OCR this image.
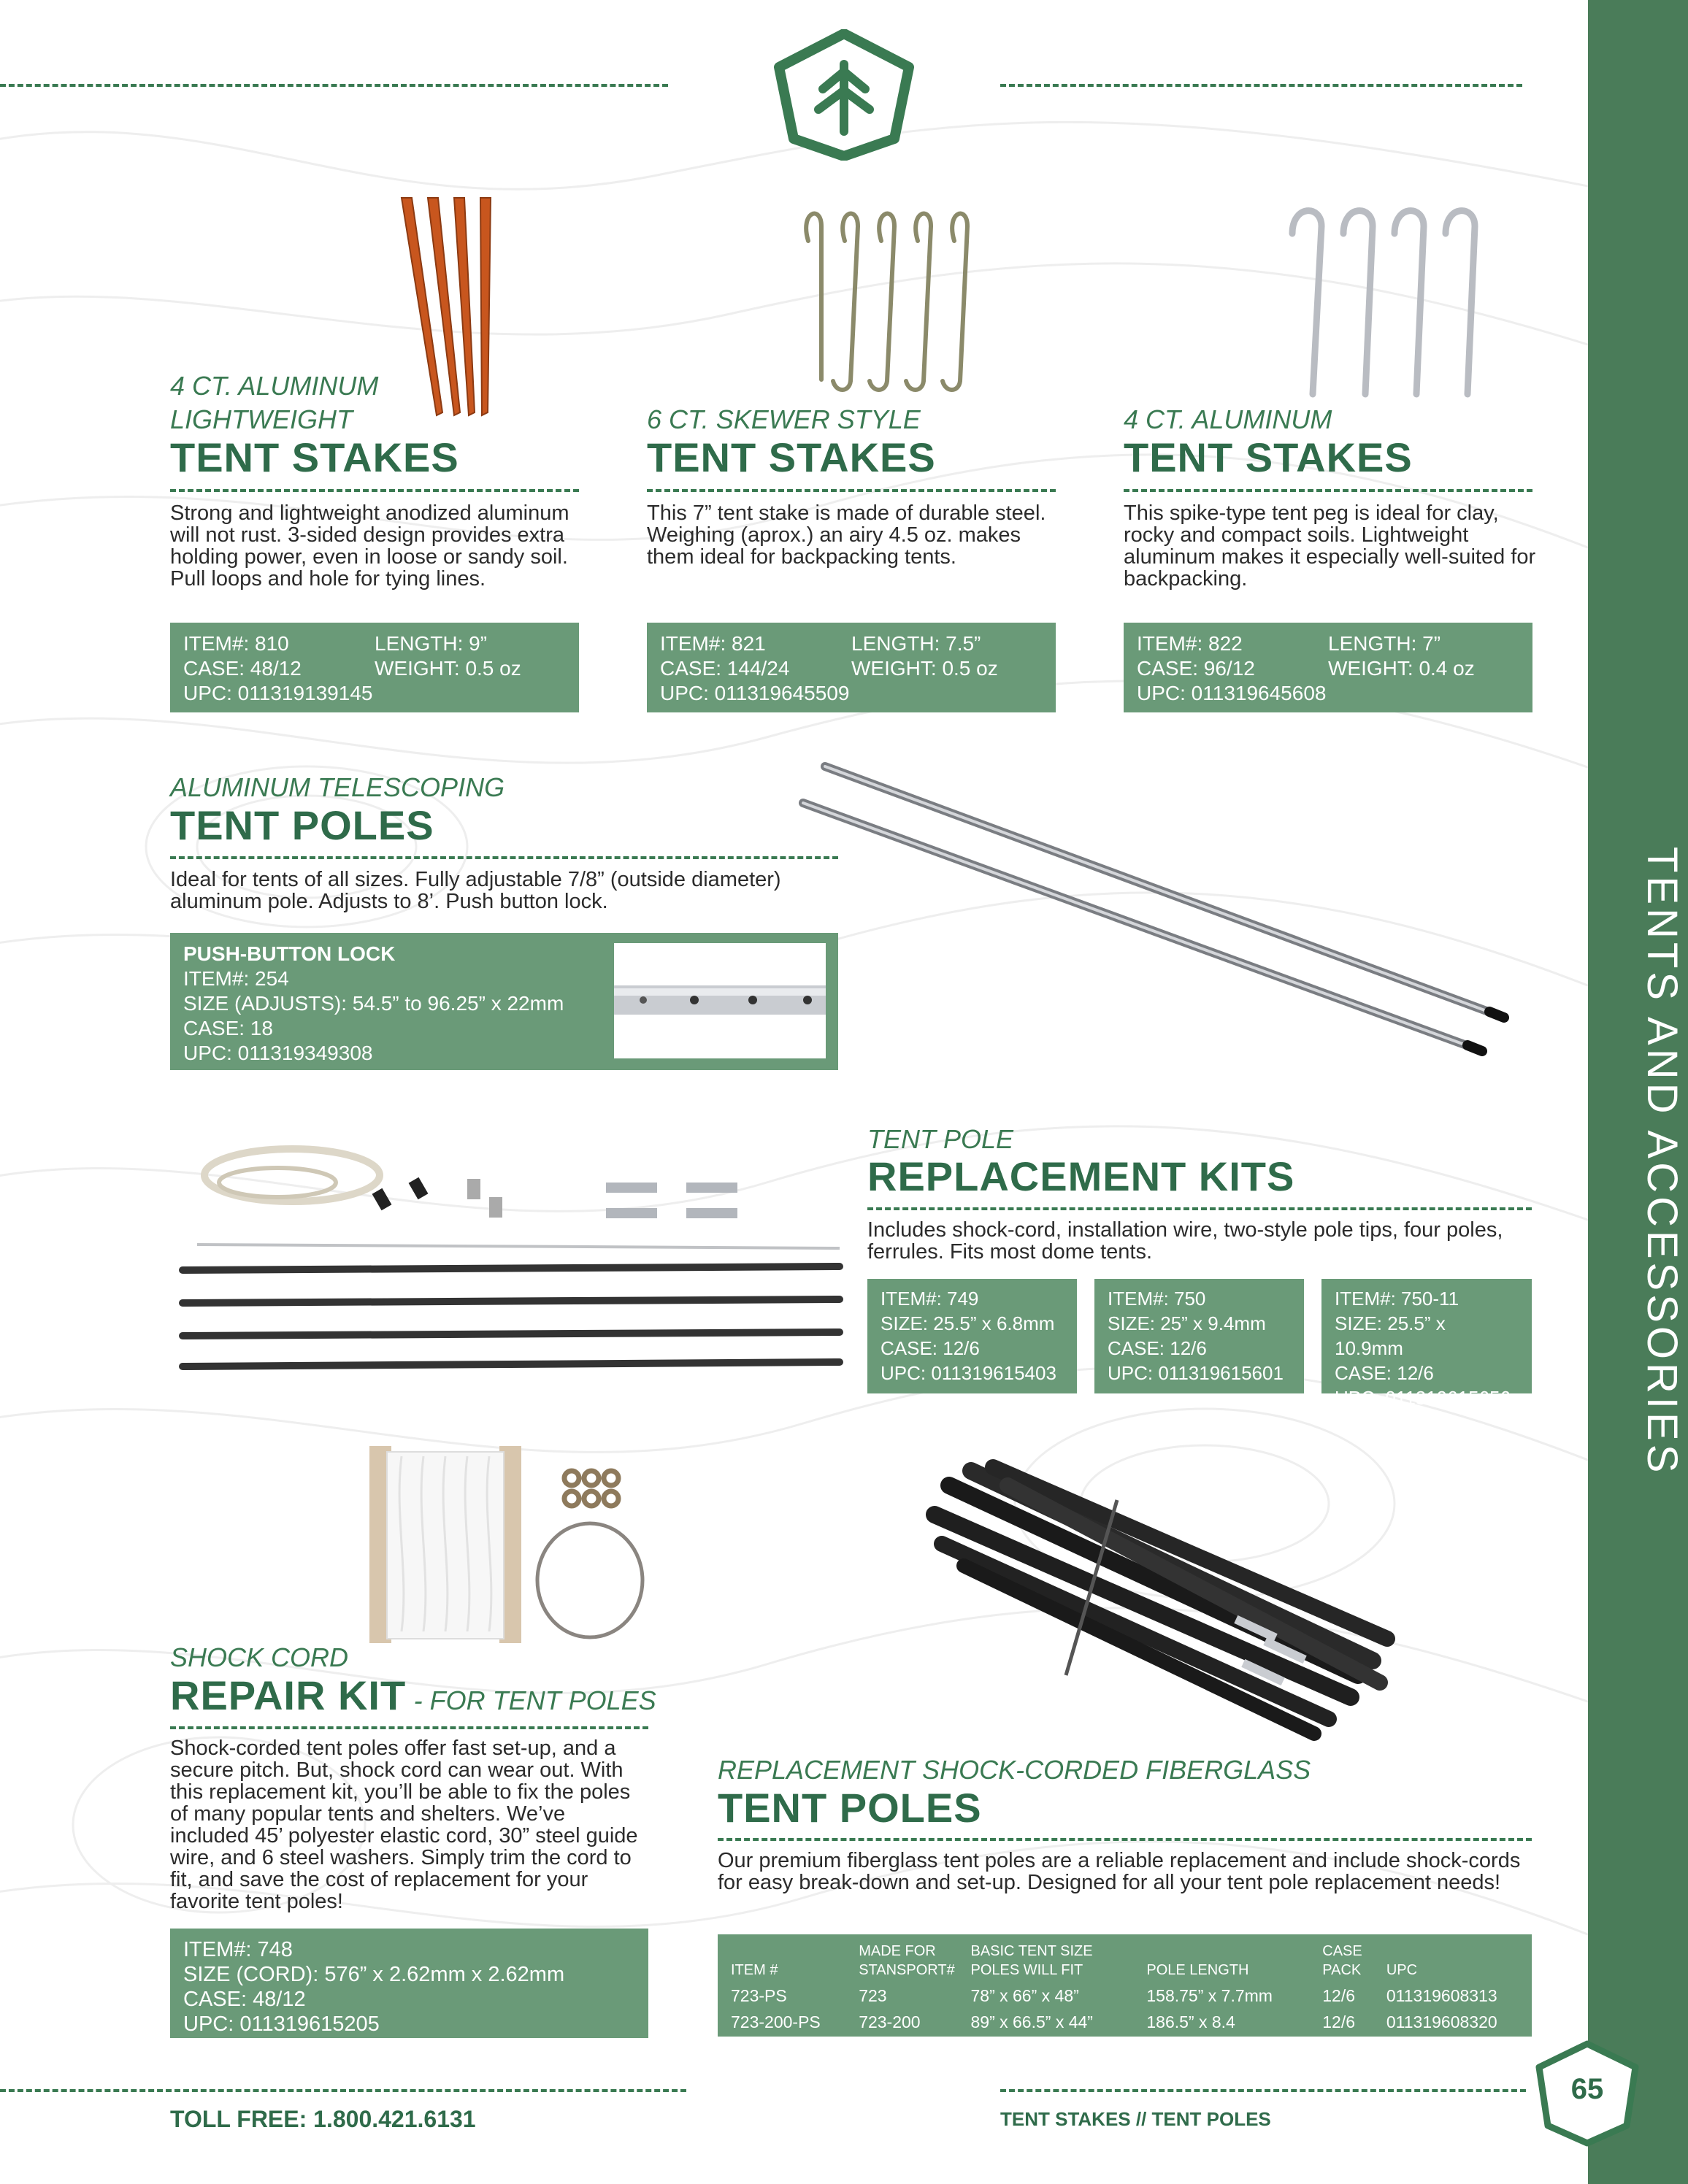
TENTS AND ACCESSORIES
4 CT. ALUMINUM
LIGHTWEIGHT
TENT STAKES
Strong and lightweight anodized aluminum will not rust. 3-sided design provides extra holding power, even in loose or sandy soil. Pull loops and hole for tying lines.
ITEM#: 810
CASE: 48/12
UPC: 011319139145
LENGTH: 9”
WEIGHT: 0.5 oz
6 CT. SKEWER STYLE
TENT STAKES
This 7” tent stake is made of durable steel. Weighing (aprox.) an airy 4.5 oz. makes them ideal for backpacking tents.
ITEM#: 821
CASE: 144/24
UPC: 011319645509
LENGTH: 7.5”
WEIGHT: 0.5 oz
4 CT. ALUMINUM
TENT STAKES
This spike-type tent peg is ideal for clay, rocky and compact soils. Lightweight aluminum makes it especially well-suited for backpacking.
ITEM#: 822
CASE: 96/12
UPC: 011319645608
LENGTH: 7”
WEIGHT: 0.4 oz
ALUMINUM TELESCOPING
TENT POLES
Ideal for tents of all sizes. Fully adjustable 7/8” (outside diameter) aluminum pole. Adjusts to 8’. Push button lock.
PUSH-BUTTON LOCK
ITEM#: 254
SIZE (ADJUSTS): 54.5” to 96.25” x 22mm
CASE: 18
UPC: 011319349308
TENT POLE
REPLACEMENT KITS
Includes shock-cord, installation wire, two-style pole tips, four poles, ferrules. Fits most dome tents.
ITEM#: 749
SIZE: 25.5” x 6.8mm
CASE: 12/6
UPC: 011319615403
ITEM#: 750
SIZE: 25” x 9.4mm
CASE: 12/6
UPC: 011319615601
ITEM#: 750-11
SIZE: 25.5” x 10.9mm
CASE: 12/6
UPC: 011319615656
SHOCK CORD
REPAIR KIT - FOR TENT POLES
Shock-corded tent poles offer fast set-up, and a secure pitch. But, shock cord can wear out. With this replacement kit, you’ll be able to fix the poles of many popular tents and shelters. We’ve included 45’ polyester elastic cord, 30” steel guide wire, and 6 steel washers. Simply trim the cord to fit, and save the cost of replacement for your favorite tent poles!
ITEM#: 748
SIZE (CORD): 576” x 2.62mm x 2.62mm
CASE: 48/12
UPC: 011319615205
REPLACEMENT SHOCK-CORDED FIBERGLASS
TENT POLES
Our premium fiberglass tent poles are a reliable replacement and include shock-cords for easy break-down and set-up. Designed for all your tent pole replacement needs!
ITEM #	MADE FOR STANSPORT#	BASIC TENT SIZE POLES WILL FIT	POLE LENGTH	CASE PACK	UPC
723-PS	723	78” x 66” x 48”	158.75” x 7.7mm	12/6	011319608313
723-200-PS	723-200	89” x 66.5” x 44”	186.5” x 8.4	12/6	011319608320
TOLL FREE: 1.800.421.6131	TENT STAKES // TENT POLES
65
